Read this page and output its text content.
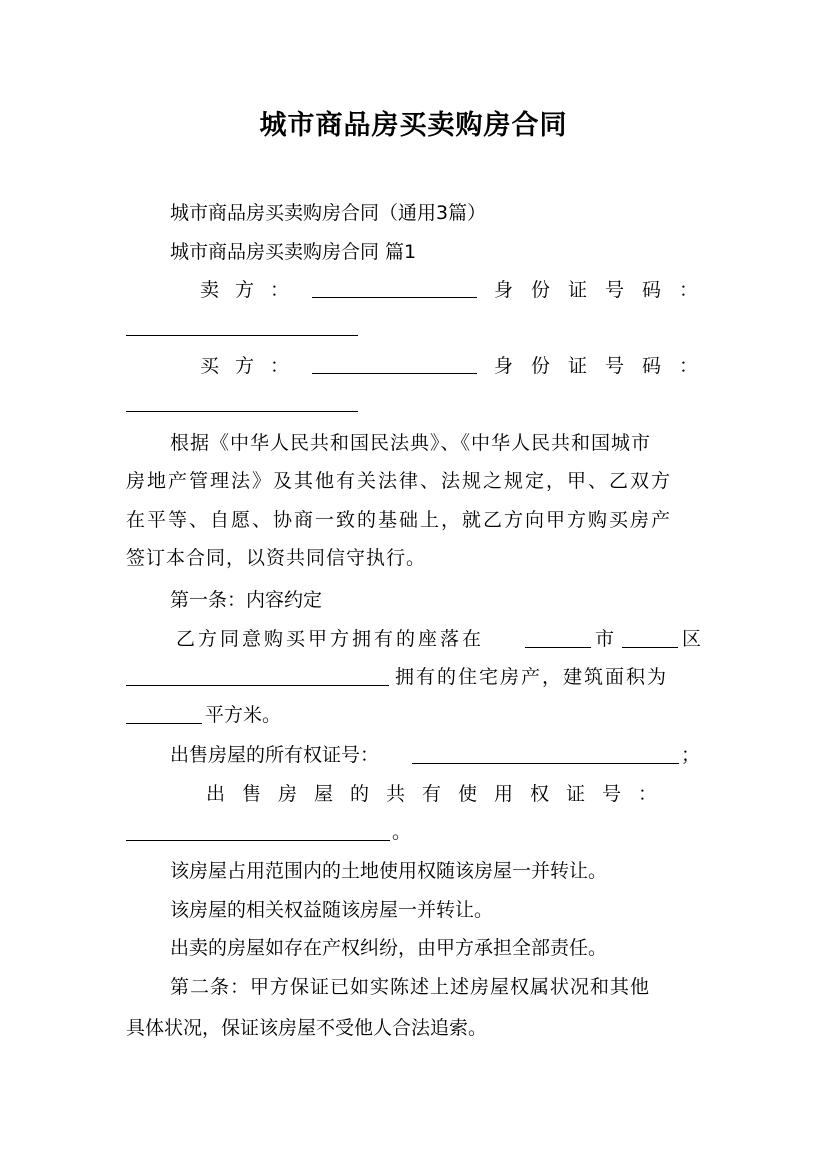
城市商品房买卖购房合同
城市商品房买卖购房合同（通用3篇）
城市商品房买卖购房合同 篇1
卖方：	身份证号码：
买方：	身份证号码：
根据《中华人民共和国民法典》、《中华人民共和国城市
房地产管理法》及其他有关法律、法规之规定，甲、乙双方
在平等、自愿、协商一致的基础上，就乙方向甲方购买房产
签订本合同，以资共同信守执行。
第一条：内容约定
乙方同意购买甲方拥有的座落在	市	区
拥有的住宅房产，建筑面积为
平方米。
出售房屋的所有权证号：	；
出售房屋的共有使用权证号：
。
该房屋占用范围内的土地使用权随该房屋一并转让。
该房屋的相关权益随该房屋一并转让。
出卖的房屋如存在产权纠纷，由甲方承担全部责任。
第二条：甲方保证已如实陈述上述房屋权属状况和其他
具体状况，保证该房屋不受他人合法追索。
